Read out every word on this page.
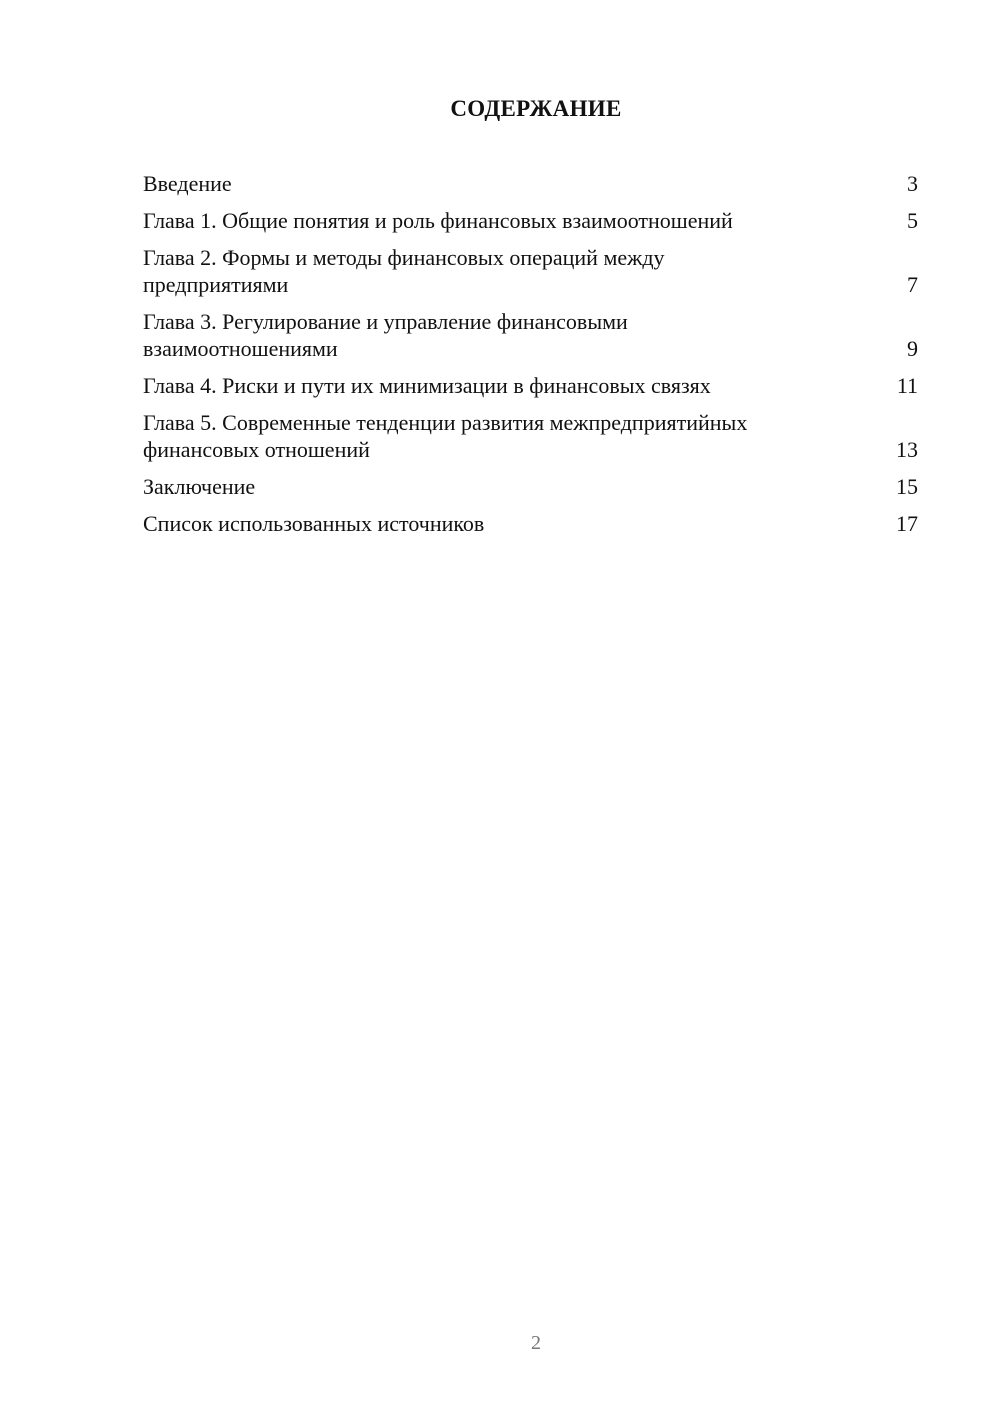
СОДЕРЖАНИЕ
Введение	3
Глава 1. Общие понятия и роль финансовых взаимоотношений	5
Глава 2. Формы и методы финансовых операций между предприятиями	7
Глава 3. Регулирование и управление финансовыми взаимоотношениями	9
Глава 4. Риски и пути их минимизации в финансовых связях	11
Глава 5. Современные тенденции развития межпредприятийных финансовых отношений	13
Заключение	15
Список использованных источников	17
2
